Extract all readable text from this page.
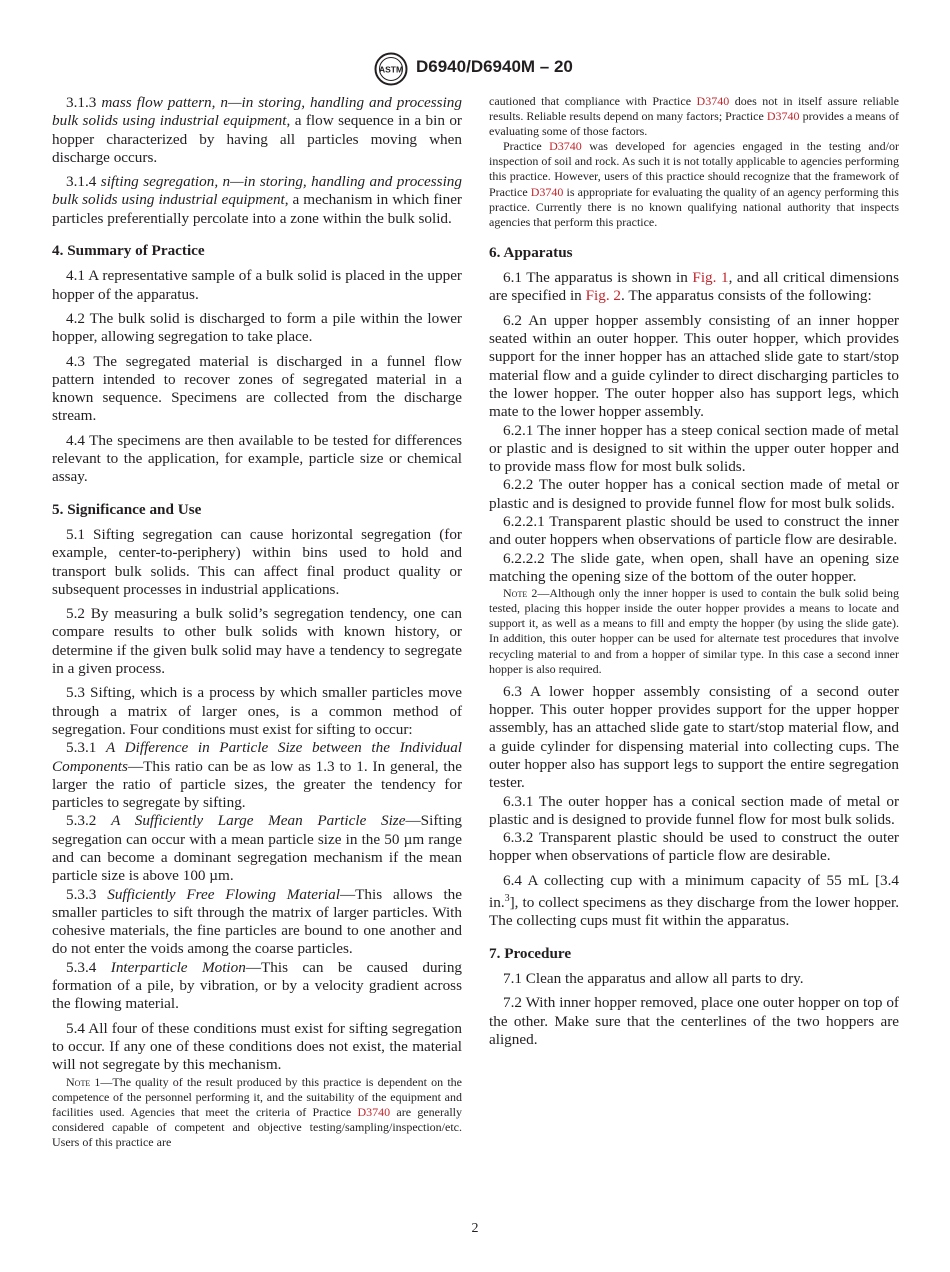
ASTM D6940/D6940M – 20

3.1.3 mass flow pattern, n—in storing, handling and processing bulk solids using industrial equipment, a flow sequence in a bin or hopper characterized by having all particles moving when discharge occurs.

3.1.4 sifting segregation, n—in storing, handling and processing bulk solids using industrial equipment, a mechanism in which finer particles preferentially percolate into a zone within the bulk solid.

4. Summary of Practice

4.1 A representative sample of a bulk solid is placed in the upper hopper of the apparatus.

4.2 The bulk solid is discharged to form a pile within the lower hopper, allowing segregation to take place.

4.3 The segregated material is discharged in a funnel flow pattern intended to recover zones of segregated material in a known sequence. Specimens are collected from the discharge stream.

4.4 The specimens are then available to be tested for differences relevant to the application, for example, particle size or chemical assay.

5. Significance and Use

5.1 Sifting segregation can cause horizontal segregation (for example, center-to-periphery) within bins used to hold and transport bulk solids. This can affect final product quality or subsequent processes in industrial applications.

5.2 By measuring a bulk solid’s segregation tendency, one can compare results to other bulk solids with known history, or determine if the given bulk solid may have a tendency to segregate in a given process.

5.3 Sifting, which is a process by which smaller particles move through a matrix of larger ones, is a common method of segregation. Four conditions must exist for sifting to occur:

5.3.1 A Difference in Particle Size between the Individual Components—This ratio can be as low as 1.3 to 1. In general, the larger the ratio of particle sizes, the greater the tendency for particles to segregate by sifting.

5.3.2 A Sufficiently Large Mean Particle Size—Sifting segregation can occur with a mean particle size in the 50 µm range and can become a dominant segregation mechanism if the mean particle size is above 100 µm.

5.3.3 Sufficiently Free Flowing Material—This allows the smaller particles to sift through the matrix of larger particles. With cohesive materials, the fine particles are bound to one another and do not enter the voids among the coarse particles.

5.3.4 Interparticle Motion—This can be caused during formation of a pile, by vibration, or by a velocity gradient across the flowing material.

5.4 All four of these conditions must exist for sifting segregation to occur. If any one of these conditions does not exist, the material will not segregate by this mechanism.

Note 1—The quality of the result produced by this practice is dependent on the competence of the personnel performing it, and the suitability of the equipment and facilities used. Agencies that meet the criteria of Practice D3740 are generally considered capable of competent and objective testing/sampling/inspection/etc. Users of this practice are

cautioned that compliance with Practice D3740 does not in itself assure reliable results. Reliable results depend on many factors; Practice D3740 provides a means of evaluating some of those factors.

Practice D3740 was developed for agencies engaged in the testing and/or inspection of soil and rock. As such it is not totally applicable to agencies performing this practice. However, users of this practice should recognize that the framework of Practice D3740 is appropriate for evaluating the quality of an agency performing this practice. Currently there is no known qualifying national authority that inspects agencies that perform this practice.

6. Apparatus

6.1 The apparatus is shown in Fig. 1, and all critical dimensions are specified in Fig. 2. The apparatus consists of the following:

6.2 An upper hopper assembly consisting of an inner hopper seated within an outer hopper. This outer hopper, which provides support for the inner hopper has an attached slide gate to start/stop material flow and a guide cylinder to direct discharging particles to the lower hopper. The outer hopper also has support legs, which mate to the lower hopper assembly.

6.2.1 The inner hopper has a steep conical section made of metal or plastic and is designed to sit within the upper outer hopper and to provide mass flow for most bulk solids.

6.2.2 The outer hopper has a conical section made of metal or plastic and is designed to provide funnel flow for most bulk solids.

6.2.2.1 Transparent plastic should be used to construct the inner and outer hoppers when observations of particle flow are desirable.

6.2.2.2 The slide gate, when open, shall have an opening size matching the opening size of the bottom of the outer hopper.

Note 2—Although only the inner hopper is used to contain the bulk solid being tested, placing this hopper inside the outer hopper provides a means to locate and support it, as well as a means to fill and empty the hopper (by using the slide gate). In addition, this outer hopper can be used for alternate test procedures that involve recycling material to and from a hopper of similar type. In this case a second inner hopper is also required.

6.3 A lower hopper assembly consisting of a second outer hopper. This outer hopper provides support for the upper hopper assembly, has an attached slide gate to start/stop material flow, and a guide cylinder for dispensing material into collecting cups. The outer hopper also has support legs to support the entire segregation tester.

6.3.1 The outer hopper has a conical section made of metal or plastic and is designed to provide funnel flow for most bulk solids.

6.3.2 Transparent plastic should be used to construct the outer hopper when observations of particle flow are desirable.

6.4 A collecting cup with a minimum capacity of 55 mL [3.4 in.$^3$], to collect specimens as they discharge from the lower hopper. The collecting cups must fit within the apparatus.

7. Procedure

7.1 Clean the apparatus and allow all parts to dry.

7.2 With inner hopper removed, place one outer hopper on top of the other. Make sure that the centerlines of the two hoppers are aligned.

2
